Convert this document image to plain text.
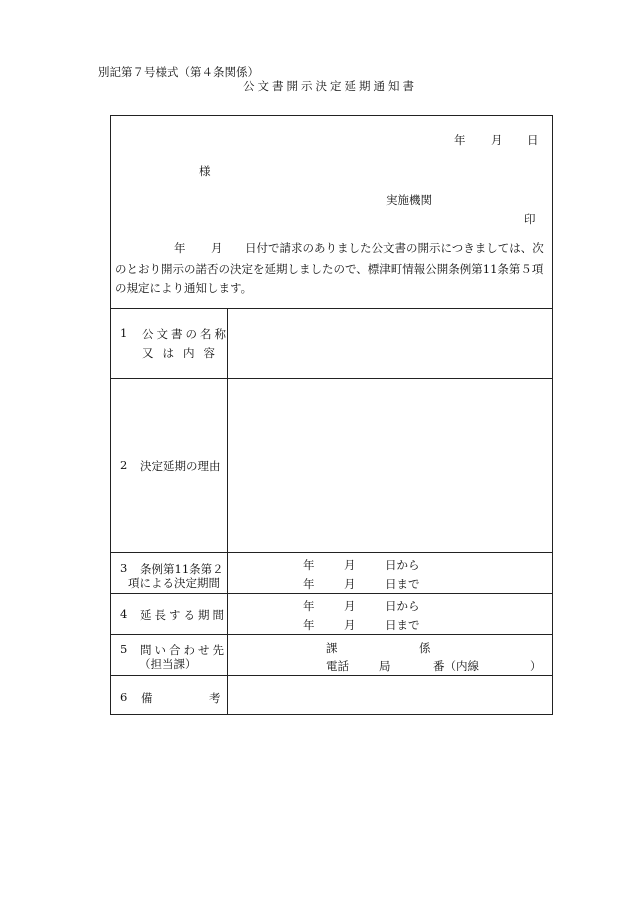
別記第７号様式（第４条関係）
公文書開示決定延期通知書
年 月 日
様
実施機関
印
年 月 日付で請求のありました公文書の開示につきましては、次
のとおり開示の諾否の決定を延期しましたので、標津町情報公開条例第11条第５項
の規定により通知します。
1 公文書の名称
又は内容
2 決定延期の理由
3 条例第11条第２
項による決定期間
年	月	日から
年	月	日まで
4 延長する期間
年	月	日から
年	月	日まで
5 問い合わせ先
（担当課）
課	係
電話	局	番（内線	）
6 備	考
